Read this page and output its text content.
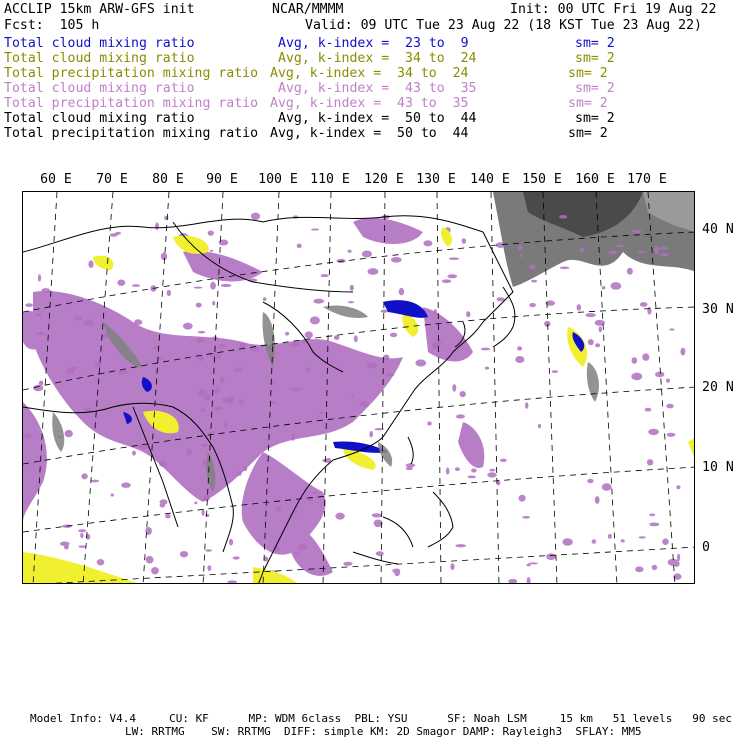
ACCLIP 15km ARW-GFS init	NCAR/MMMM	Init: 00 UTC Fri 19 Aug 22
Fcst:  105 h	Valid: 09 UTC Tue 23 Aug 22 (18 KST Tue 23 Aug 22)
Total cloud mixing ratio	Avg, k-index =  23 to  9	sm= 2
Total cloud mixing ratio	Avg, k-index =  34 to  24	sm= 2
Total precipitation mixing ratio Avg, k-index =  34 to  24	sm= 2
Total cloud mixing ratio	Avg, k-index =  43 to  35	sm= 2
Total precipitation mixing ratio Avg, k-index =  43 to  35	sm= 2
Total cloud mixing ratio	Avg, k-index =  50 to  44	sm= 2
Total precipitation mixing ratio Avg, k-index =  50 to  44	sm= 2
60 E 70 E 80 E 90 E 100 E 110 E 120 E 130 E 140 E 150 E 160 E 170 E
40 N
30 N
20 N
10 N
0
Model Info: V4.4     CU: KF      MP: WDM 6class  PBL: YSU      SF: Noah LSM     15 km   51 levels   90 sec
LW: RRTMG    SW: RRTMG  DIFF: simple KM: 2D Smagor DAMP: Rayleigh3  SFLAY: MM5
